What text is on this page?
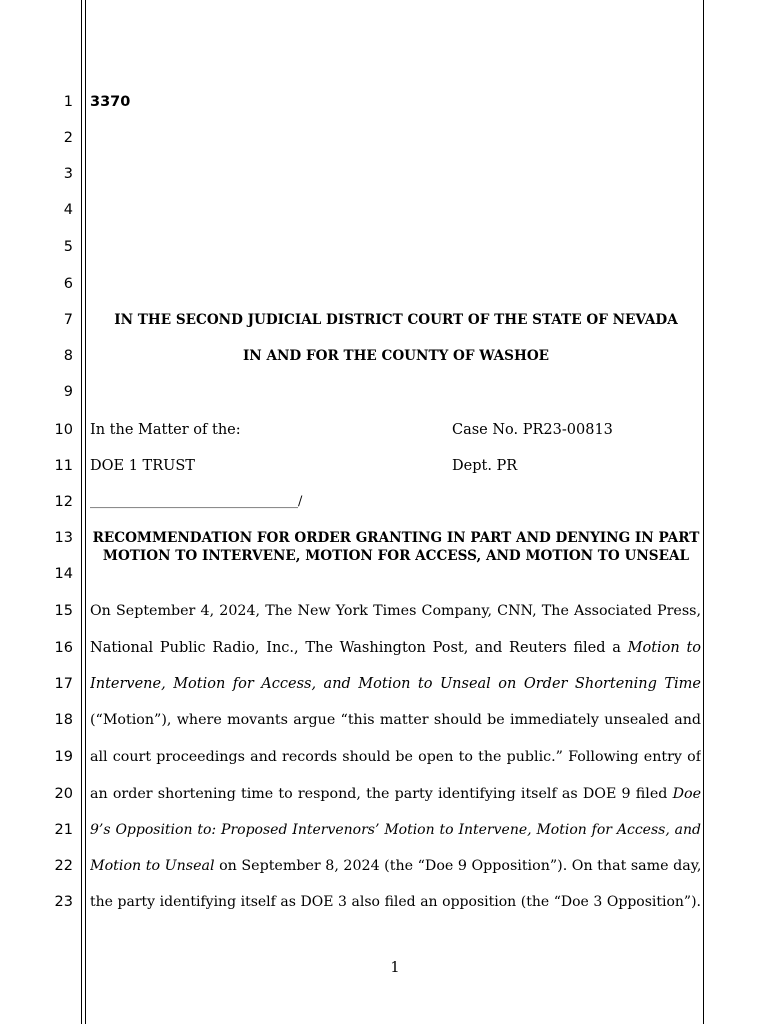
1
2
3
4
5
6
7
8
9
10
11
12
13
14
15
16
17
18
19
20
21
22
23
3370
IN THE SECOND JUDICIAL DISTRICT COURT OF THE STATE OF NEVADA
IN AND FOR THE COUNTY OF WASHOE
In the Matter of the:	Case No. PR23-00813
DOE 1 TRUST	Dept. PR
________________________________/
RECOMMENDATION FOR ORDER GRANTING IN PART AND DENYING IN PART MOTION TO INTERVENE, MOTION FOR ACCESS, AND MOTION TO UNSEAL
On September 4, 2024, The New York Times Company, CNN, The Associated Press,
National Public Radio, Inc., The Washington Post, and Reuters filed a Motion to
Intervene, Motion for Access, and Motion to Unseal on Order Shortening Time
(“Motion”), where movants argue “this matter should be immediately unsealed and
all court proceedings and records should be open to the public.” Following entry of
an order shortening time to respond, the party identifying itself as DOE 9 filed Doe
9’s Opposition to: Proposed Intervenors’ Motion to Intervene, Motion for Access, and
Motion to Unseal on September 8, 2024 (the “Doe 9 Opposition”). On that same day,
the party identifying itself as DOE 3 also filed an opposition (the “Doe 3 Opposition”).
1
